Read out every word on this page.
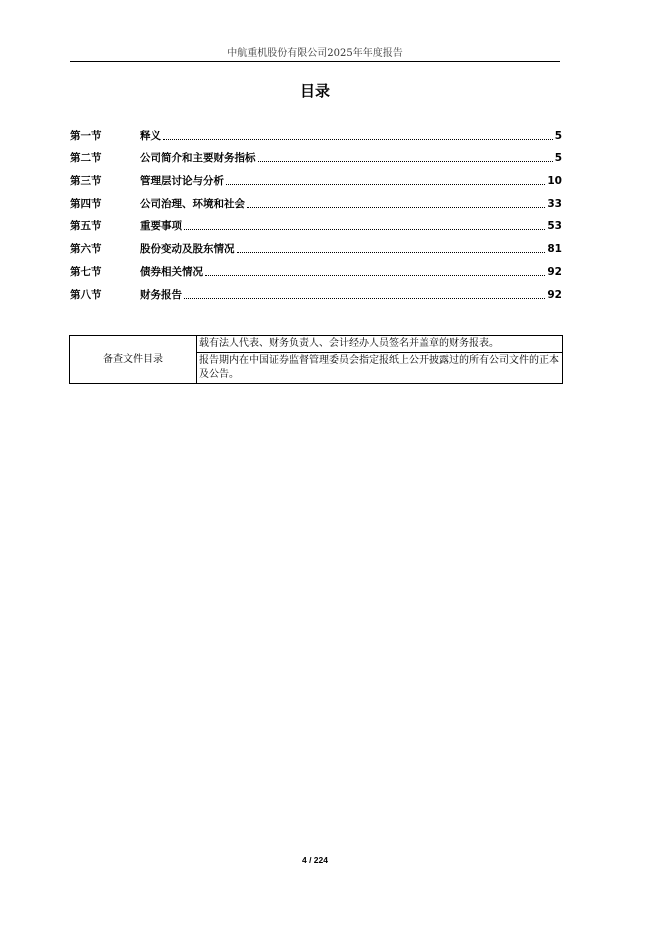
中航重机股份有限公司2025年年度报告
目录
第一节	释义	5
第二节	公司简介和主要财务指标	5
第三节	管理层讨论与分析	10
第四节	公司治理、环境和社会	33
第五节	重要事项	53
第六节	股份变动及股东情况	81
第七节	债券相关情况	92
第八节	财务报告	92
备查文件目录	载有法人代表、财务负责人、会计经办人员签名并盖章的财务报表。
报告期内在中国证券监督管理委员会指定报纸上公开披露过的所有公司文件的正本及公告。
4 / 224
